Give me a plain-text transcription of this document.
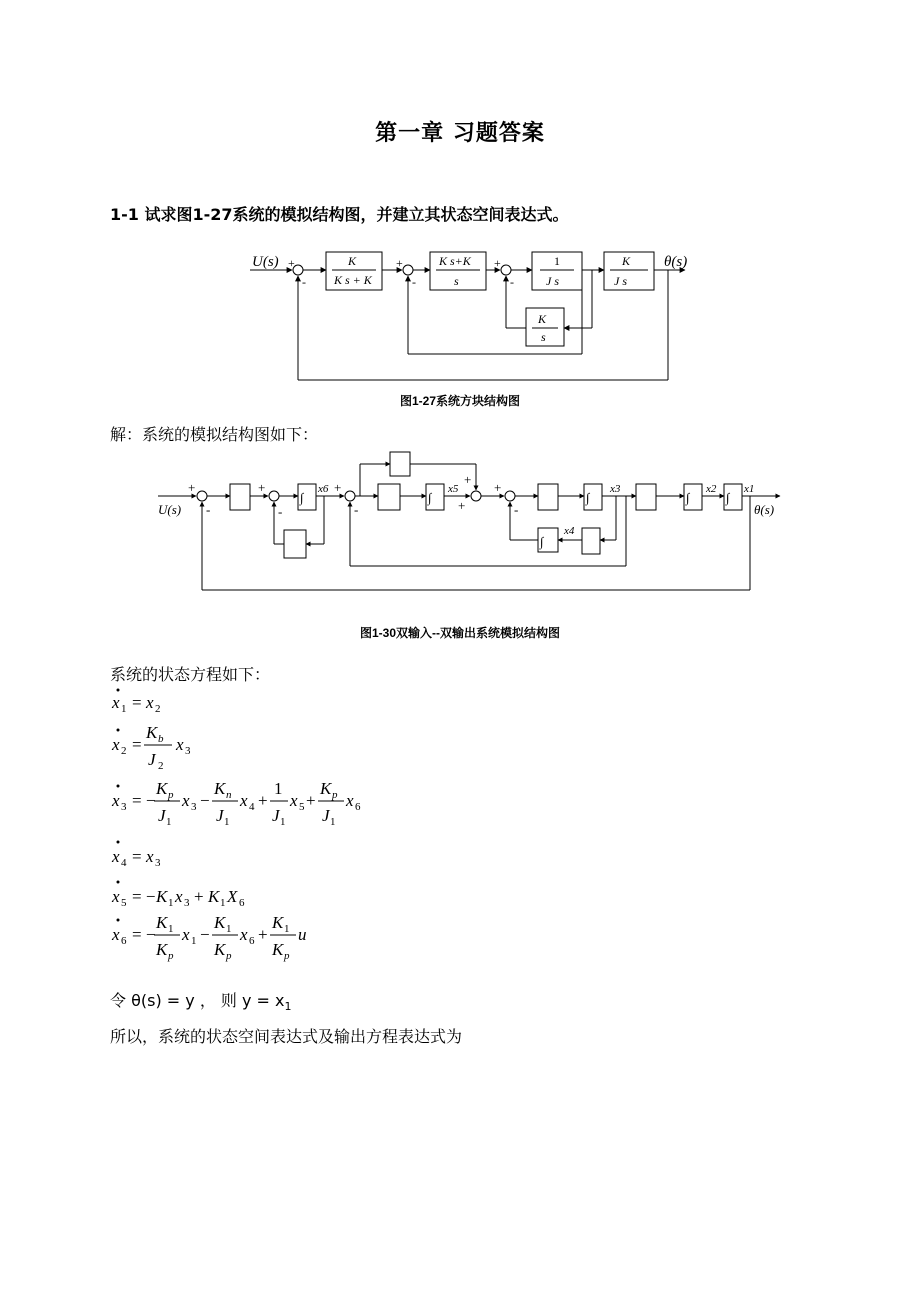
第一章 习题答案
1-1 试求图1-27系统的模拟结构图，并建立其状态空间表达式。
U(s)	θ(s)
+
-
+
-
+
-
K
K s + K
K s+K
s
1
J s
K
J s
K
s
图1-27系统方块结构图
解：系统的模拟结构图如下：
U(s)	θ(s)
∫	∫	∫	∫	∫
∫
x6	x5	x3	x2	x1
x4
+
-
+
-
+
-
+
+
+
-
图1-30双输入--双输出系统模拟结构图
系统的状态方程如下：
x 1 = x 2
x 2 =
K b
J 2
x 3
x 3 = −
K p
J 1
x 3 −
K n
J 1
x 4 +
1
J 1
x 5 +
K p
J 1
x 6
x 4 = x 3
x 5 = − K 1 x 3 + K 1 X 6
x 6 = −
K 1
K p
x 1 −
K 1
K p
x 6 +
K 1
K p
u
令 θ(s) = y ， 则 $y = x_1$
所以，系统的状态空间表达式及输出方程表达式为
